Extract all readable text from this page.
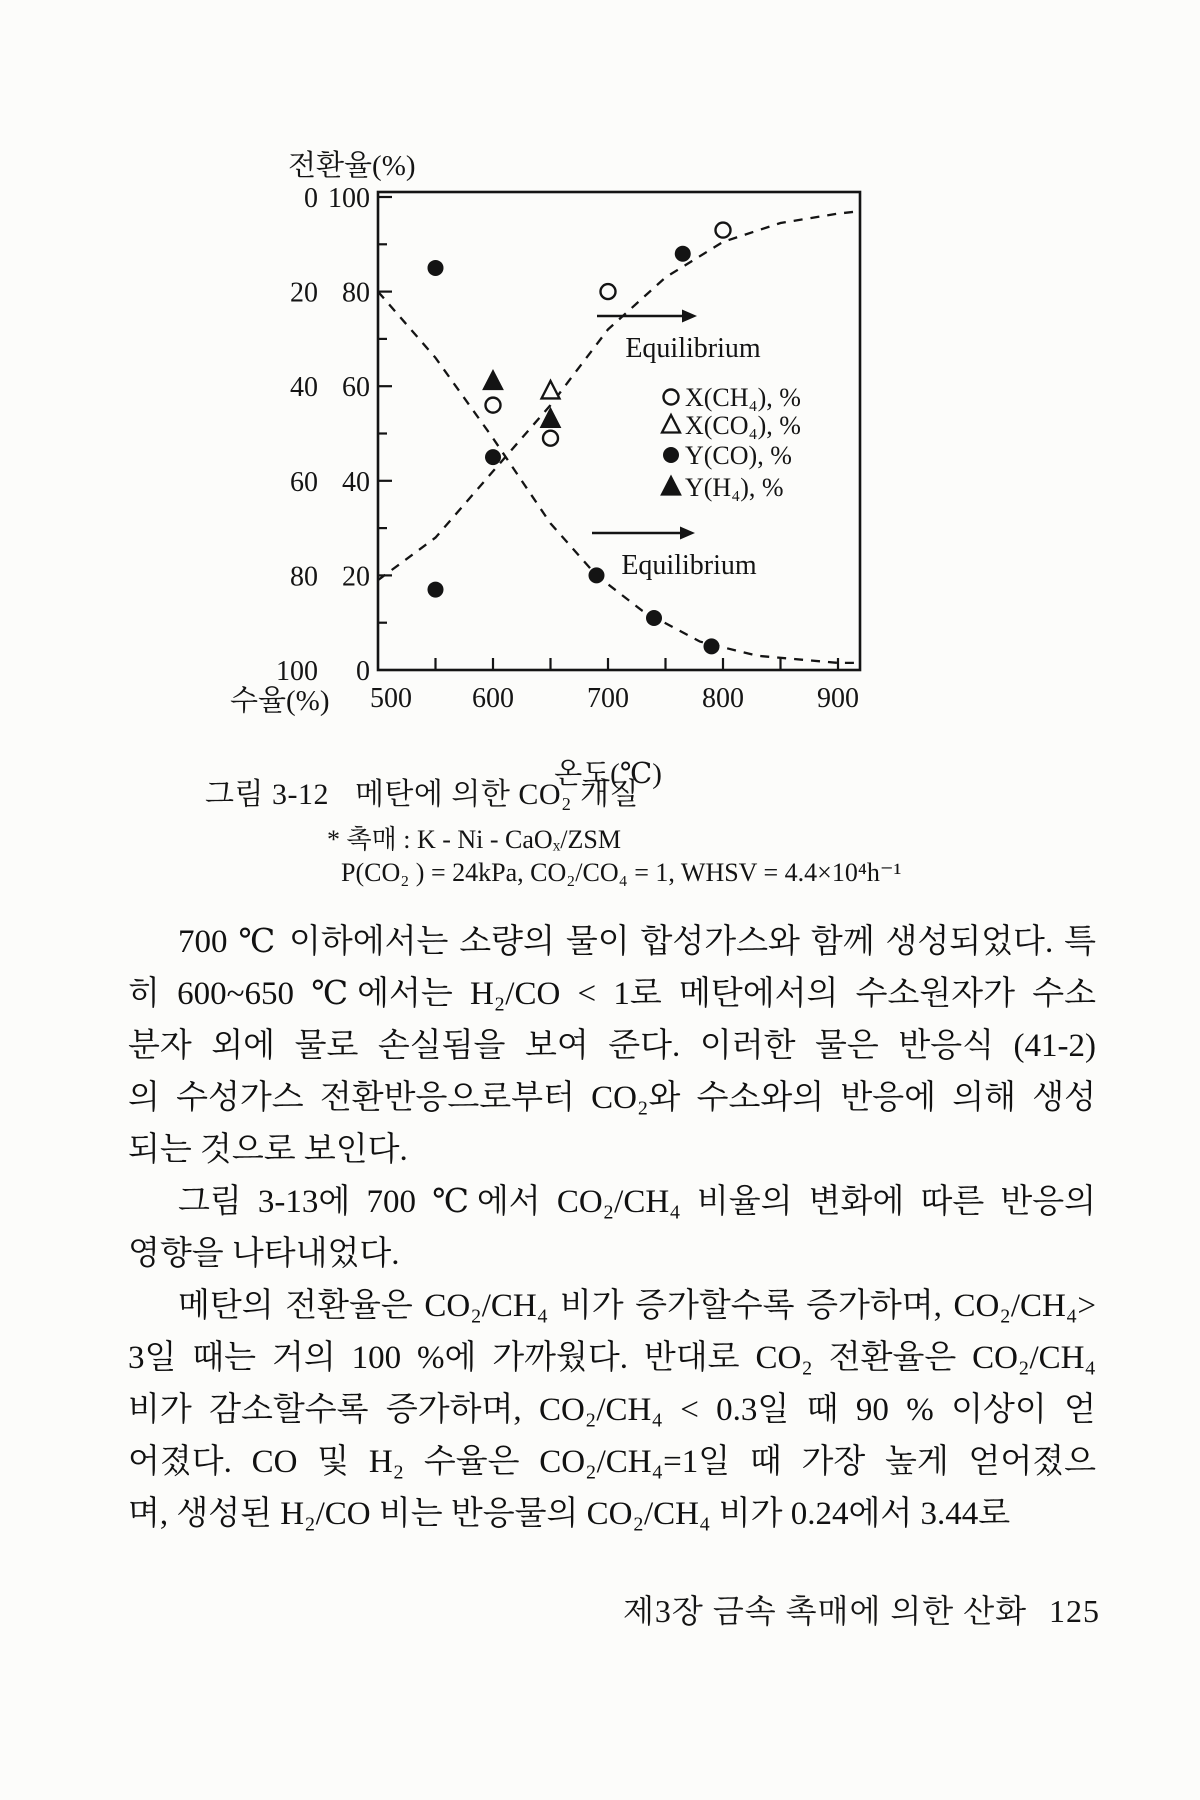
0 100
20 80
40 60
60 40
80 20
100 0
500 600	700	800	900
전환율(%)
수율(%)
온도(℃)
Equilibrium
Equilibrium
X(CH₄), %
X(CO₄), %
Y(CO), %
Y(H₄), %
그림 3-12 메탄에 의한 CO₂ 개질
* 촉매 : K - Ni - CaOₓ/ZSM
P(CO₂ ) = 24kPa, CO₂/CO₄ = 1, WHSV = 4.4×10⁴h⁻¹
700 ℃ 이하에서는 소량의 물이 합성가스와 함께 생성되었다. 특
히 600~650 ℃에서는 H₂/CO < 1로 메탄에서의 수소원자가 수소
분자 외에 물로 손실됨을 보여 준다. 이러한 물은 반응식 (41-2)
의 수성가스 전환반응으로부터 CO₂와 수소와의 반응에 의해 생성
되는 것으로 보인다.
그림 3-13에 700 ℃에서 CO₂/CH₄ 비율의 변화에 따른 반응의
영향을 나타내었다.
메탄의 전환율은 CO₂/CH₄ 비가 증가할수록 증가하며, CO₂/CH₄>
3일 때는 거의 100 %에 가까웠다. 반대로 CO₂ 전환율은 CO₂/CH₄
비가 감소할수록 증가하며, CO₂/CH₄ < 0.3일 때 90 % 이상이 얻
어졌다. CO 및 H₂ 수율은 CO₂/CH₄=1일 때 가장 높게 얻어졌으
며, 생성된 H₂/CO 비는 반응물의 CO₂/CH₄ 비가 0.24에서 3.44로
제3장 금속 촉매에 의한 산화 125
